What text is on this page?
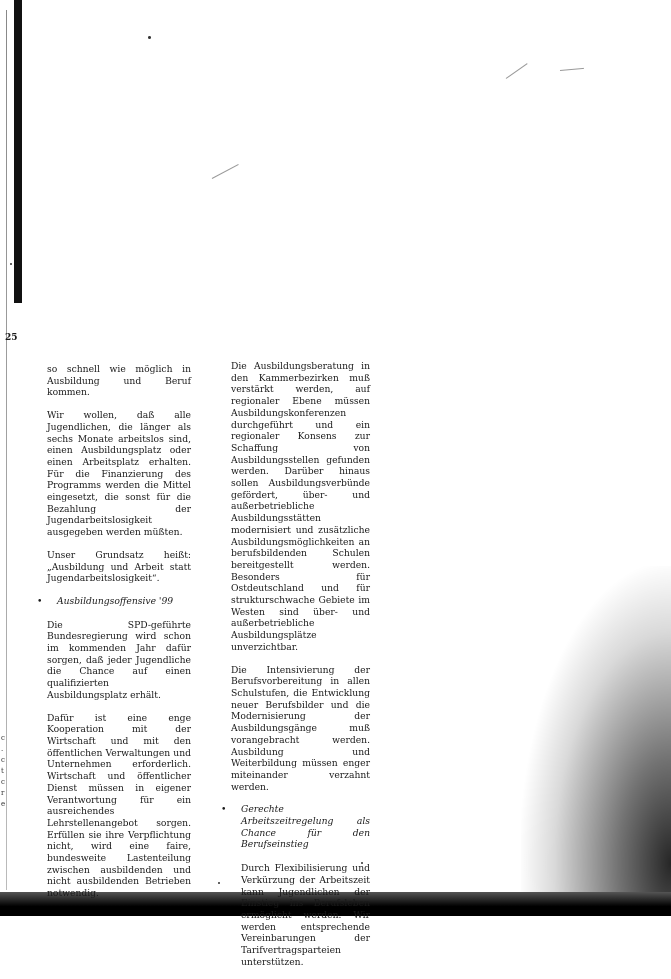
25
c . c t c r e

so schnell wie möglich in Ausbildung und Beruf kommen.

Wir wollen, daß alle Jugendlichen, die länger als sechs Monate arbeitslos sind, einen Ausbildungsplatz oder einen Arbeitsplatz erhalten. Für die Finanzierung des Programms werden die Mittel eingesetzt, die sonst für die Bezahlung der Jugendarbeitslosigkeit ausgegeben werden müßten.

Unser Grundsatz heißt: „Ausbildung und Arbeit statt Jugendarbeitslosigkeit“.

• Ausbildungsoffensive '99

Die SPD-geführte Bundesregierung wird schon im kommenden Jahr dafür sorgen, daß jeder Jugendliche die Chance auf einen qualifizierten Ausbildungsplatz erhält.

Dafür ist eine enge Kooperation mit der Wirtschaft und mit den öffentlichen Verwaltungen und Unternehmen erforderlich. Wirtschaft und öffentlicher Dienst müssen in eigener Verantwortung für ein ausreichendes Lehrstellenangebot sorgen. Erfüllen sie ihre Verpflichtung nicht, wird eine faire, bundesweite Lastenteilung zwischen ausbildenden und nicht ausbildenden Betrieben notwendig.

Die Ausbildungsberatung in den Kammerbezirken muß verstärkt werden, auf regionaler Ebene müssen Ausbildungskonferenzen durchgeführt und ein regionaler Konsens zur Schaffung von Ausbildungsstellen gefunden werden. Darüber hinaus sollen Ausbildungsverbünde gefördert, über- und außerbetriebliche Ausbildungsstätten modernisiert und zusätzliche Ausbildungsmöglichkeiten an berufsbildenden Schulen bereitgestellt werden. Besonders für Ostdeutschland und für strukturschwache Gebiete im Westen sind über- und außerbetriebliche Ausbildungsplätze unverzichtbar.

Die Intensivierung der Berufsvorbereitung in allen Schulstufen, die Entwicklung neuer Berufsbilder und die Modernisierung der Ausbildungsgänge muß vorangebracht werden. Ausbildung und Weiterbildung müssen enger miteinander verzahnt werden.

•	Gerechte Arbeitszeitregelung als Chance für den Berufseinstieg

Durch Flexibilisierung und Verkürzung der Arbeitszeit kann Jugendlichen der Einstieg ins Berufsleben ermöglicht werden. Wir werden entsprechende Vereinbarungen der Tarifvertragsparteien unterstützen.
